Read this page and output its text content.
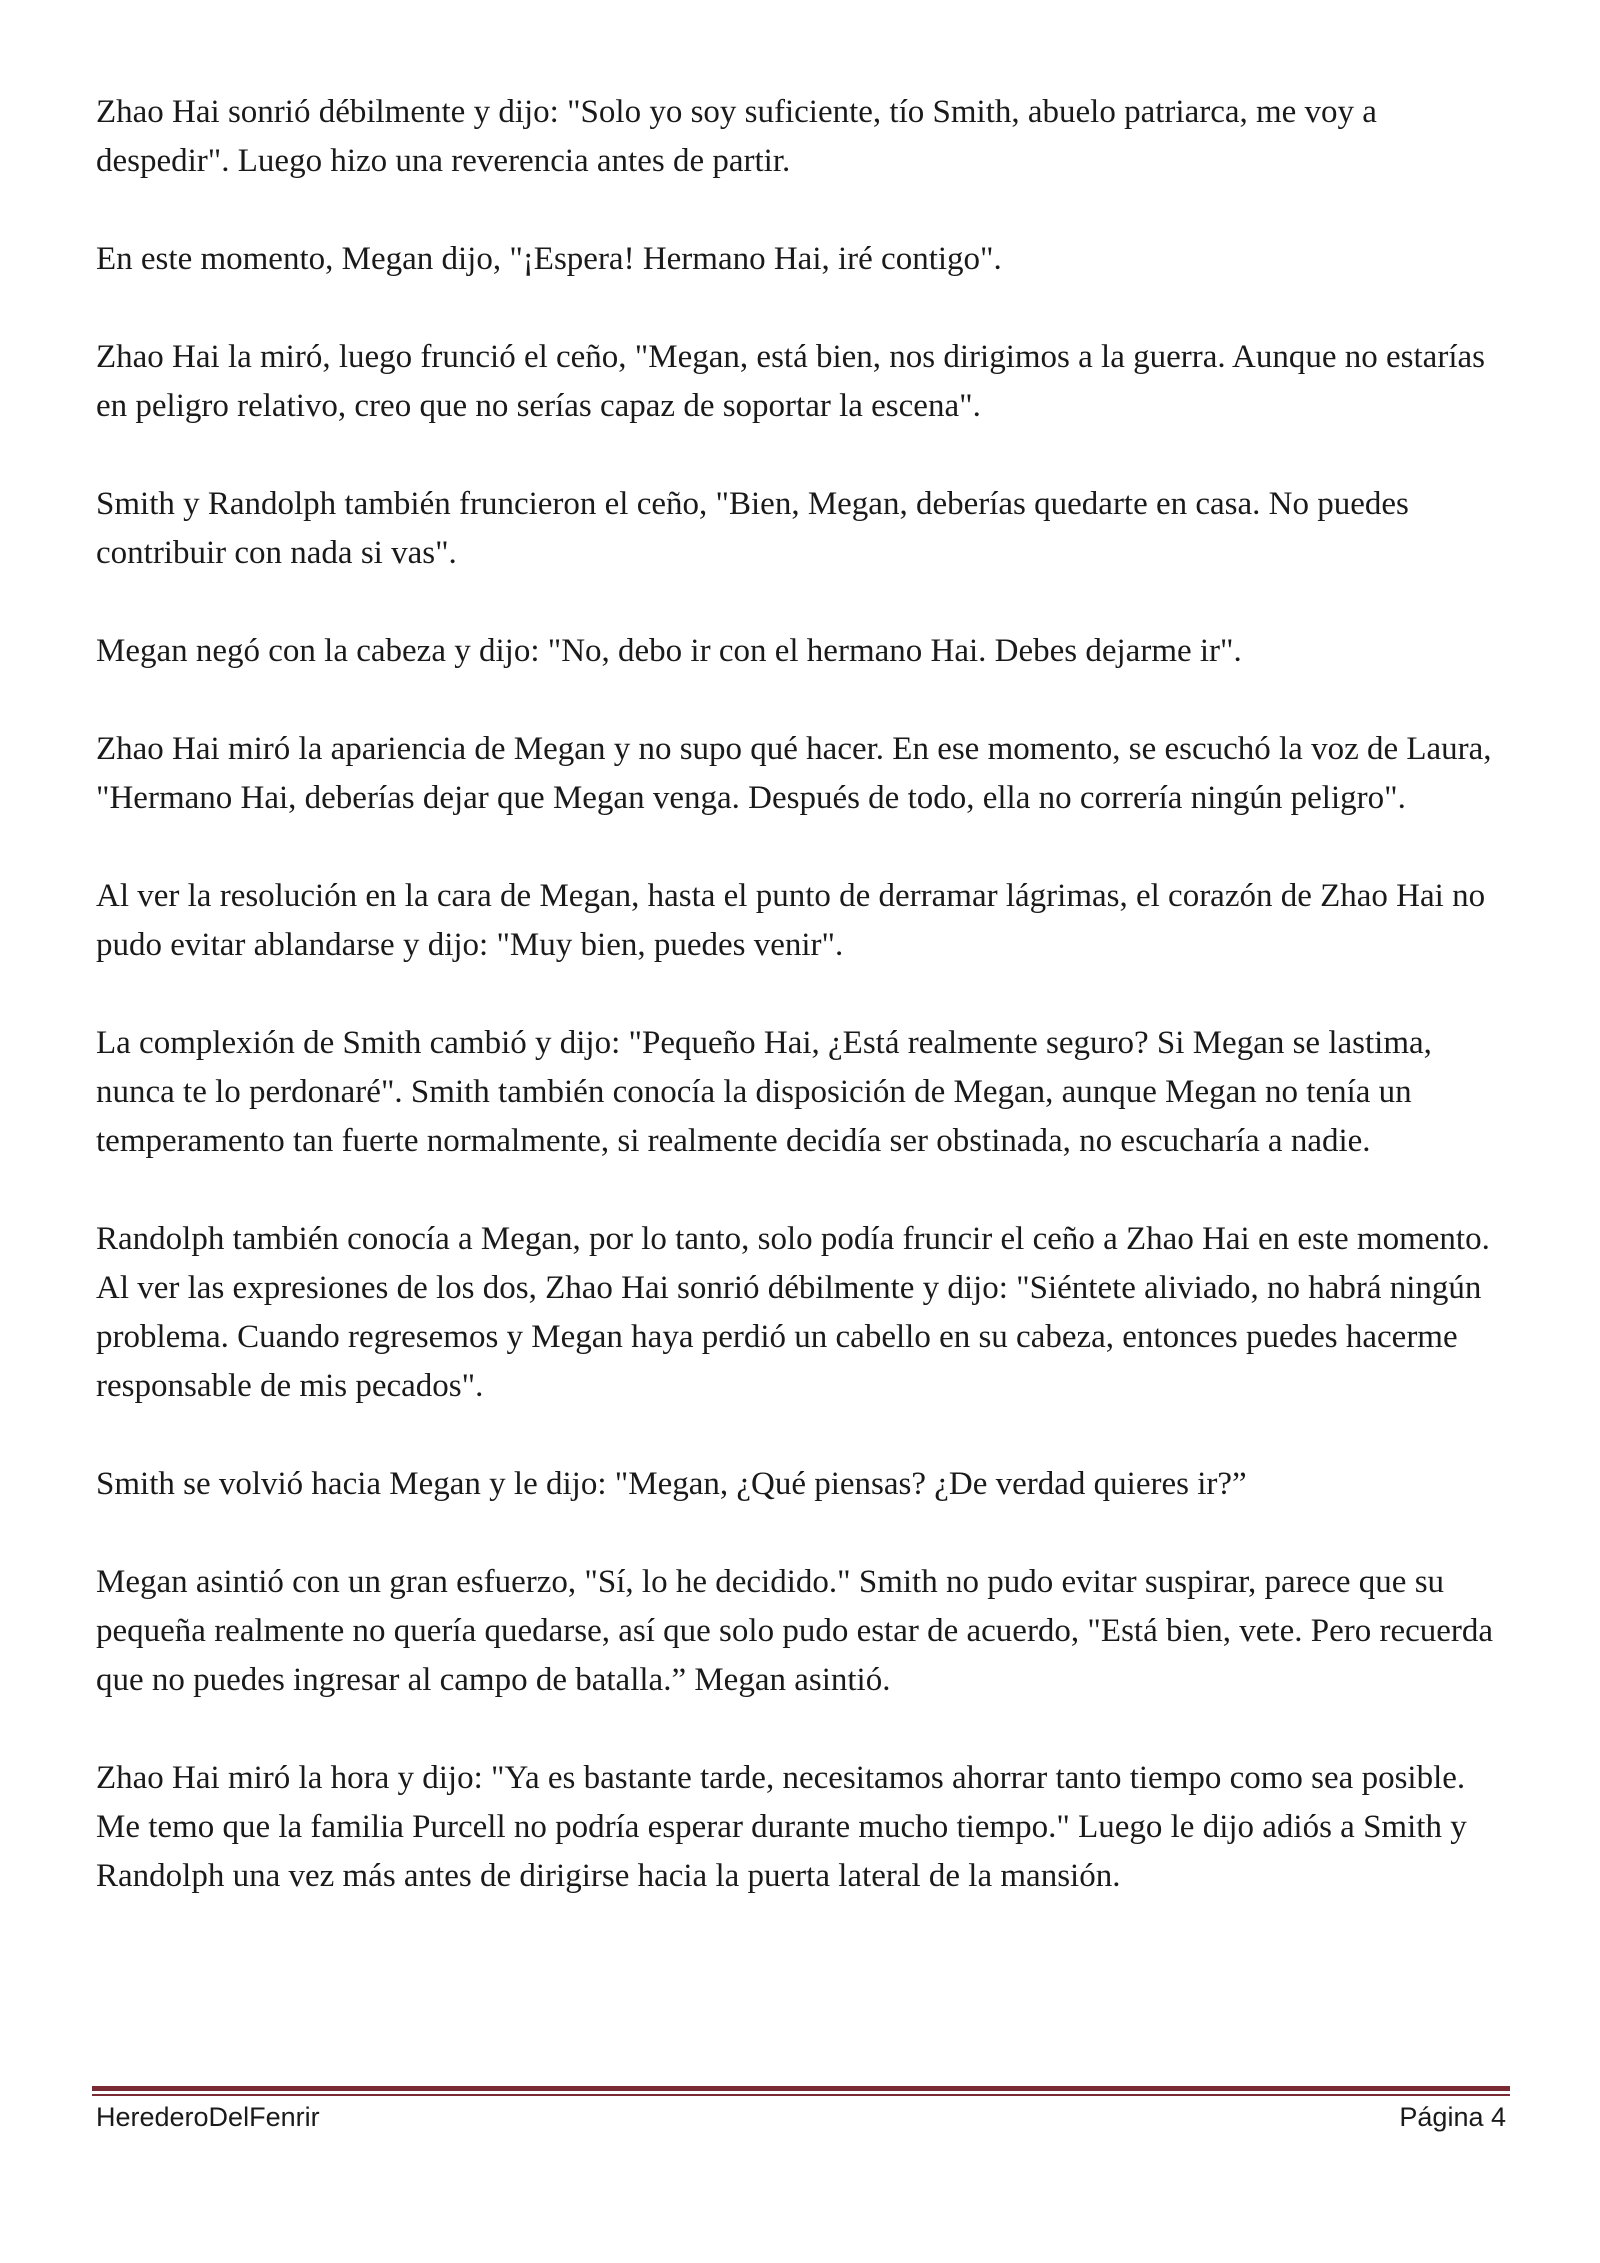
Zhao Hai sonrió débilmente y dijo: "Solo yo soy suficiente, tío Smith, abuelo patriarca, me voy a despedir". Luego hizo una reverencia antes de partir.

En este momento, Megan dijo, "¡Espera! Hermano Hai, iré contigo".

Zhao Hai la miró, luego frunció el ceño, "Megan, está bien, nos dirigimos a la guerra. Aunque no estarías en peligro relativo, creo que no serías capaz de soportar la escena".

Smith y Randolph también fruncieron el ceño, "Bien, Megan, deberías quedarte en casa. No puedes contribuir con nada si vas".

Megan negó con la cabeza y dijo: "No, debo ir con el hermano Hai. Debes dejarme ir".

Zhao Hai miró la apariencia de Megan y no supo qué hacer. En ese momento, se escuchó la voz de Laura, "Hermano Hai, deberías dejar que Megan venga. Después de todo, ella no correría ningún peligro".

Al ver la resolución en la cara de Megan, hasta el punto de derramar lágrimas, el corazón de Zhao Hai no pudo evitar ablandarse y dijo: "Muy bien, puedes venir".

La complexión de Smith cambió y dijo: "Pequeño Hai, ¿Está realmente seguro? Si Megan se lastima, nunca te lo perdonaré". Smith también conocía la disposición de Megan, aunque Megan no tenía un temperamento tan fuerte normalmente, si realmente decidía ser obstinada, no escucharía a nadie.

Randolph también conocía a Megan, por lo tanto, solo podía fruncir el ceño a Zhao Hai en este momento. Al ver las expresiones de los dos, Zhao Hai sonrió débilmente y dijo: "Siéntete aliviado, no habrá ningún problema. Cuando regresemos y Megan haya perdió un cabello en su cabeza, entonces puedes hacerme responsable de mis pecados".

Smith se volvió hacia Megan y le dijo: "Megan, ¿Qué piensas? ¿De verdad quieres ir?”

Megan asintió con un gran esfuerzo, "Sí, lo he decidido." Smith no pudo evitar suspirar, parece que su pequeña realmente no quería quedarse, así que solo pudo estar de acuerdo, "Está bien, vete. Pero recuerda que no puedes ingresar al campo de batalla.” Megan asintió.

Zhao Hai miró la hora y dijo: "Ya es bastante tarde, necesitamos ahorrar tanto tiempo como sea posible. Me temo que la familia Purcell no podría esperar durante mucho tiempo." Luego le dijo adiós a Smith y Randolph una vez más antes de dirigirse hacia la puerta lateral de la mansión.

HerederoDelFenrir	Página 4
